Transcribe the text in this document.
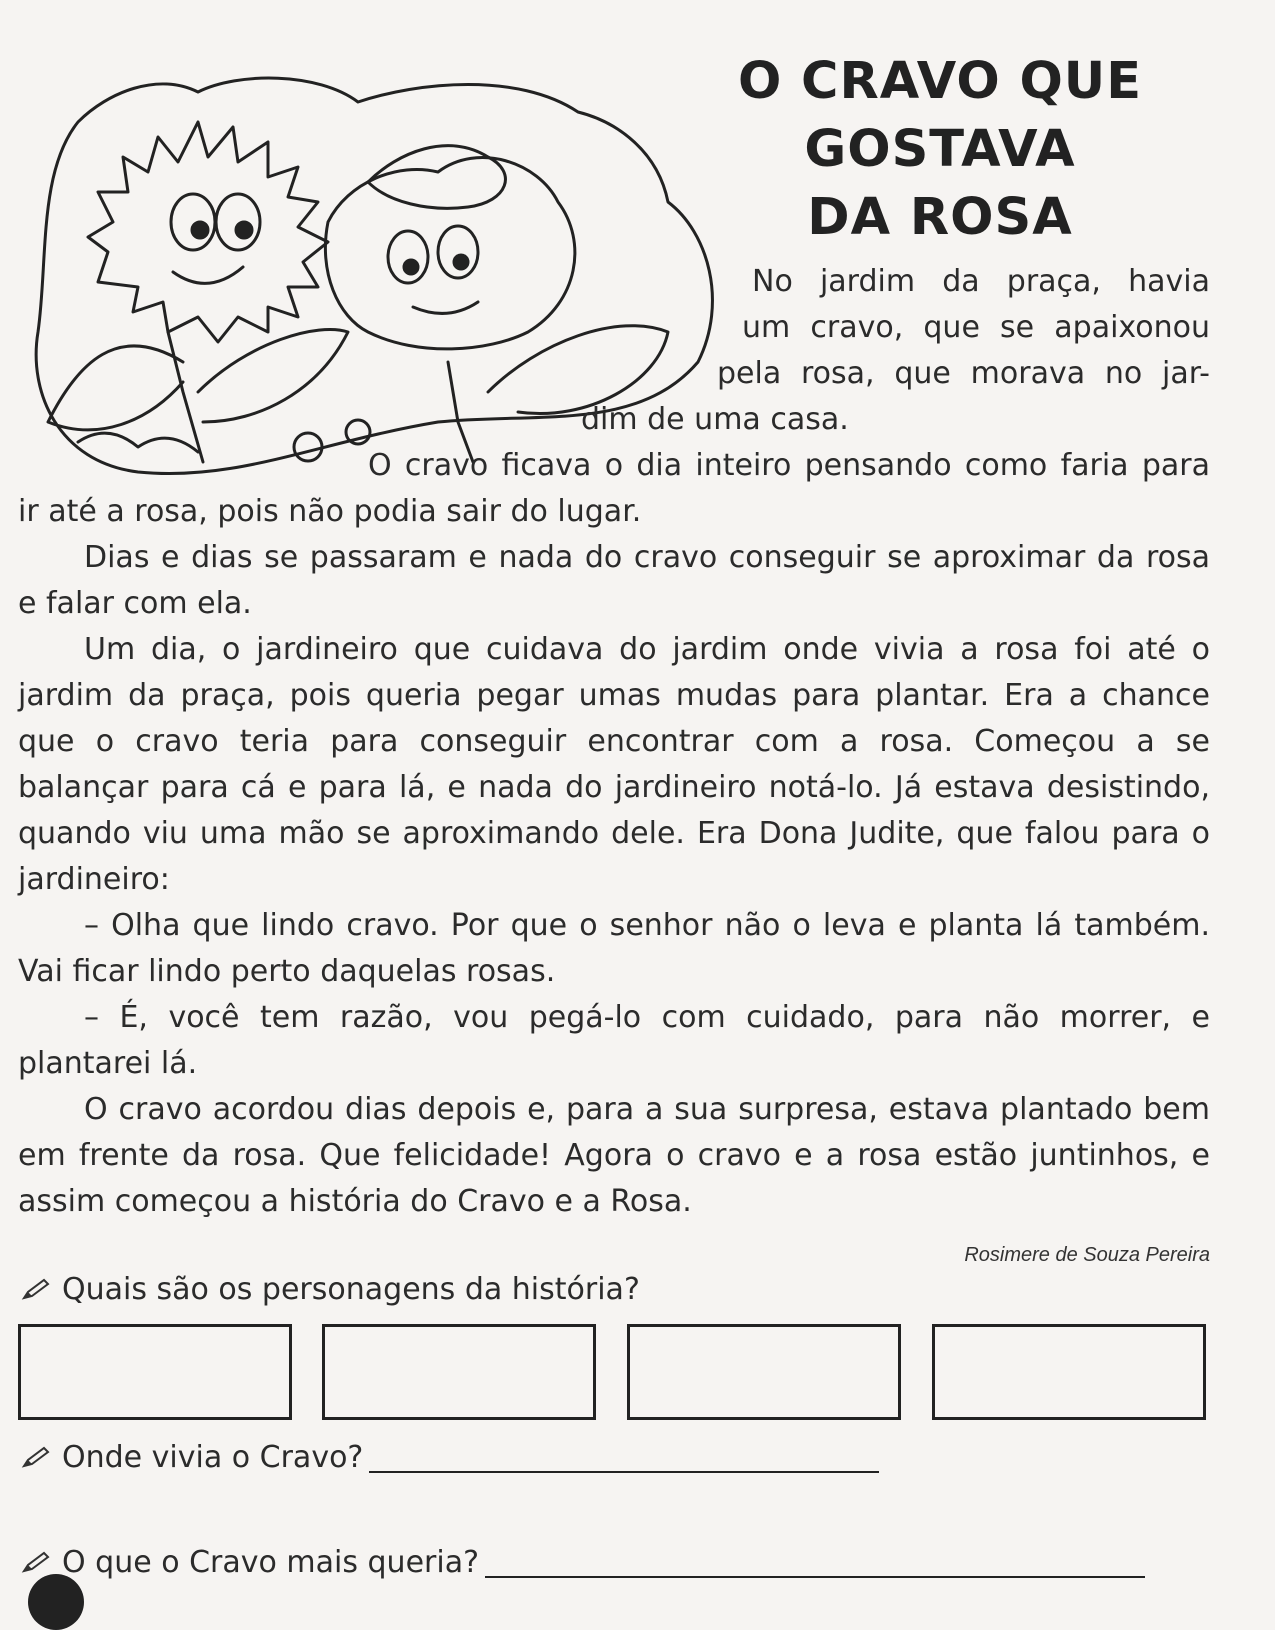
O CRAVO QUE
GOSTAVA
DA ROSA
No jardim da praça, havia
um cravo, que se apaixonou
pela rosa, que morava no jar-
dim de uma casa.
O cravo ficava o dia inteiro pensando como faria para

ir até a rosa, pois não podia sair do lugar.

Dias e dias se passaram e nada do cravo conseguir se aproximar da rosa e falar com ela.

Um dia, o jardineiro que cuidava do jardim onde vivia a rosa foi até o jardim da praça, pois queria pegar umas mudas para plantar. Era a chance que o cravo teria para conseguir encontrar com a rosa. Começou a se balançar para cá e para lá, e nada do jardineiro notá-lo. Já estava desistindo, quando viu uma mão se aproximando dele. Era Dona Judite, que falou para o jardineiro:

– Olha que lindo cravo. Por que o senhor não o leva e planta lá também. Vai ficar lindo perto daquelas rosas.

– É, você tem razão, vou pegá-lo com cuidado, para não morrer, e plantarei lá.

O cravo acordou dias depois e, para a sua surpresa, estava plantado bem em frente da rosa. Que felicidade! Agora o cravo e a rosa estão juntinhos, e assim começou a história do Cravo e a Rosa.

Rosimere de Souza Pereira
Quais são os personagens da história?
Onde vivia o Cravo?
O que o Cravo mais queria?
